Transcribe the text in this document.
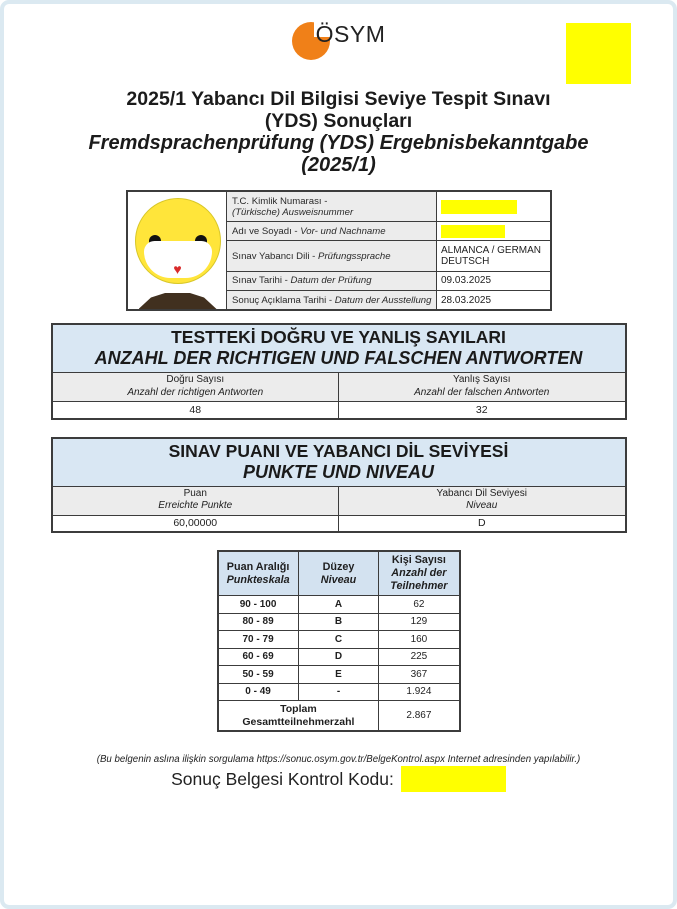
ÖSYM
2025/1 Yabancı Dil Bilgisi Seviye Tespit Sınavı
(YDS) Sonuçları
Fremdsprachenprüfung (YDS) Ergebnisbekanntgabe
(2025/1)
♥	T.C. Kimlik Numarası - (Türkische) Ausweisnummer	

	Adı ve Soyadı - Vor- und Nachname	

	Sınav Yabancı Dili - Prüfungssprache	ALMANCA / GERMAN DEUTSCH
	Sınav Tarihi - Datum der Prüfung	09.03.2025
	Sonuç Açıklama Tarihi - Datum der Ausstellung	28.03.2025
TESTTEKİ DOĞRU VE YANLIŞ SAYILARI
ANZAHL DER RICHTIGEN UND FALSCHEN ANTWORTEN	

Doğru Sayısı
Anzahl der richtigen Antworten

Yanlış Sayısı
Anzahl der falschen Antworten

48	32
SINAV PUANI VE YABANCI DİL SEVİYESİ
PUNKTE UND NIVEAU	

Puan
Erreichte Punkte

Yabancı Dil Seviyesi
Niveau

60,00000	D
Puan Aralığı
Punkteskala

Düzey
Niveau

Kişi Sayısı
Anzahl der Teilnehmer

90 - 100	A	62
80 - 89	B	129
70 - 79	C	160
60 - 69	D	225
50 - 59	E	367
0 - 49	-	1.924

Toplam
Gesamtteilnehmerzahl		2.867
(Bu belgenin aslına ilişkin sorgulama https://sonuc.osym.gov.tr/BelgeKontrol.aspx Internet adresinden yapılabilir.)
Sonuç Belgesi Kontrol Kodu:
